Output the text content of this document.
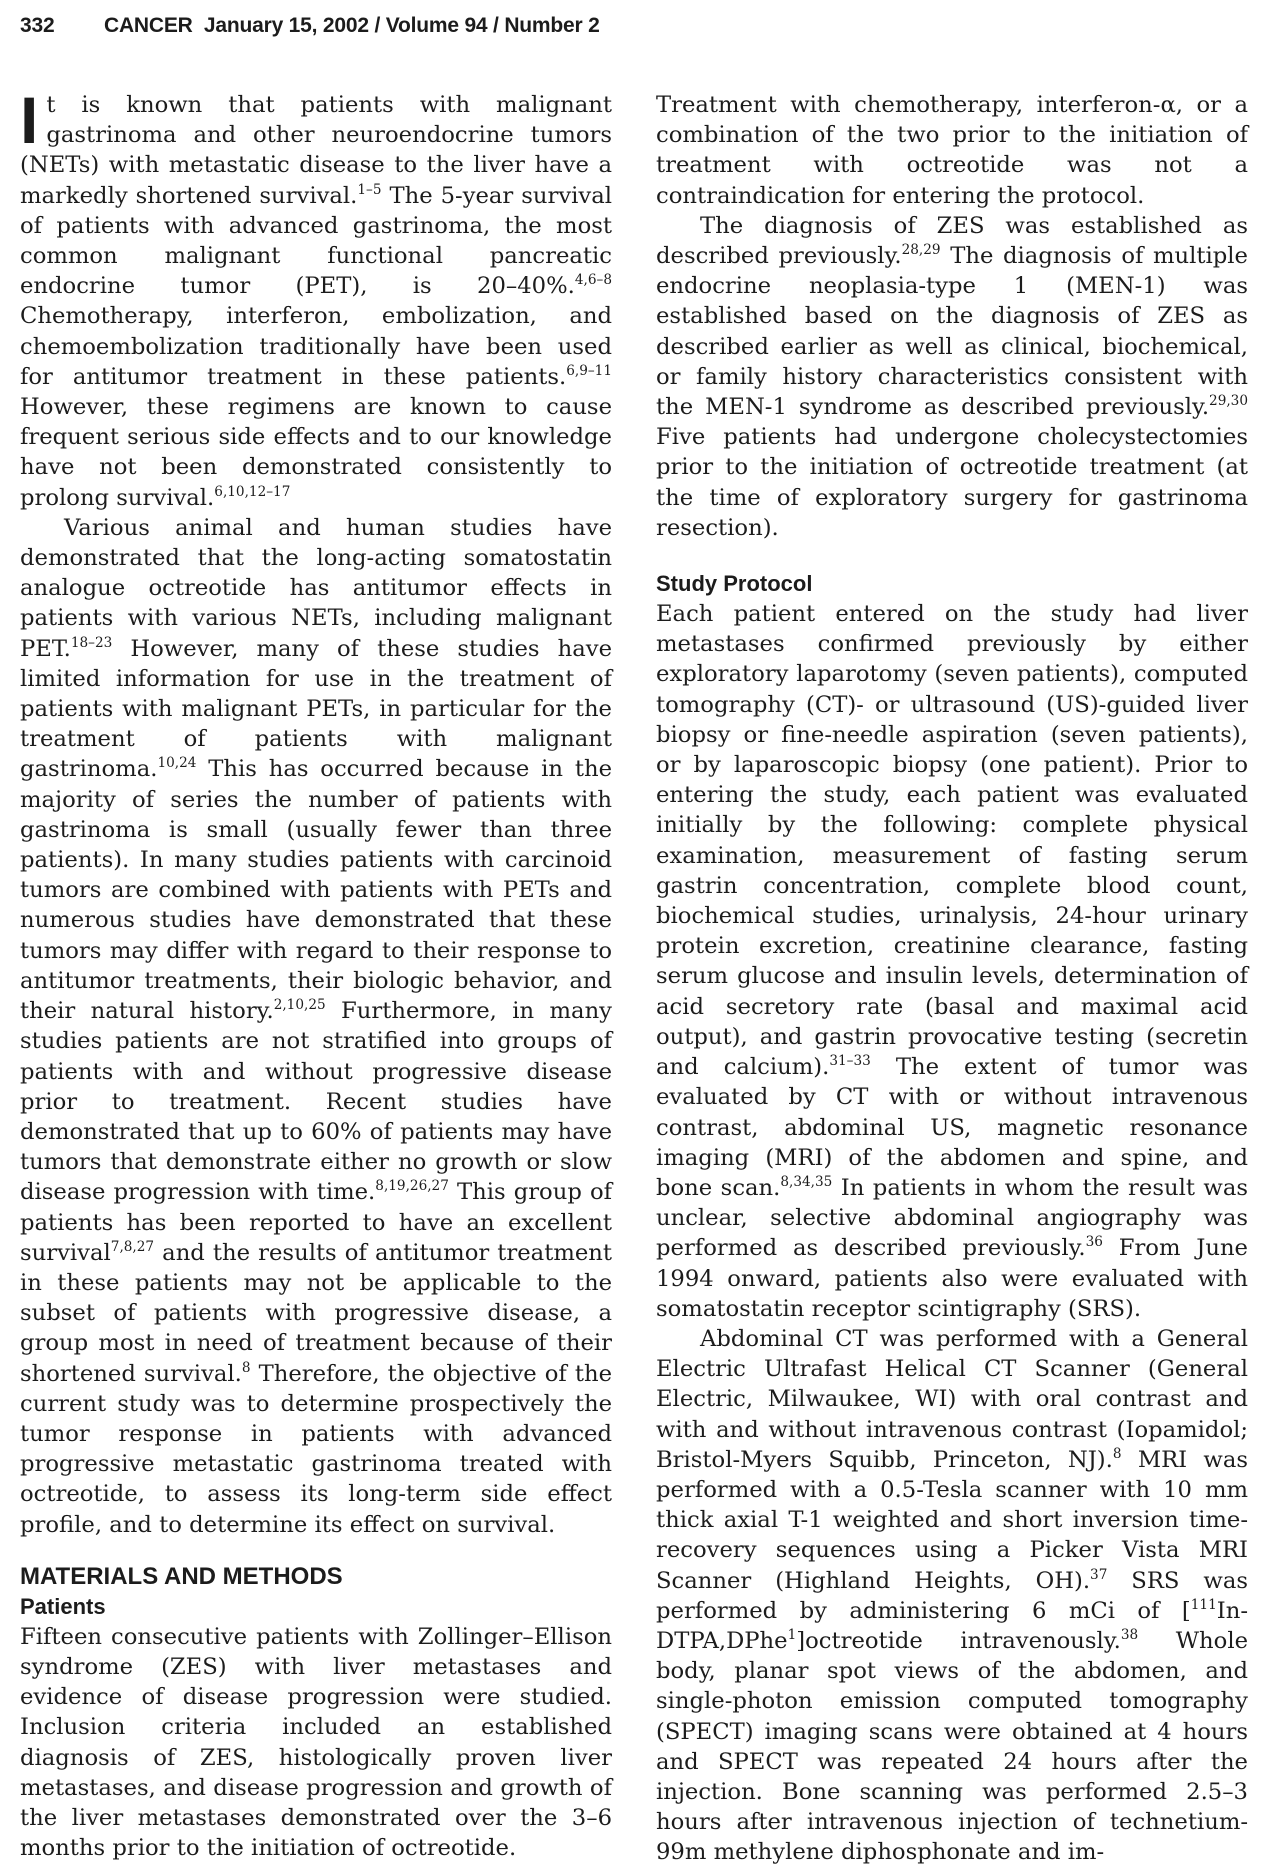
332 CANCER  January 15, 2002 / Volume 94 / Number 2

It is known that patients with malignant gastrinoma and other neuroendocrine tumors (NETs) with metastatic disease to the liver have a markedly shortened survival.$^{1-5}$ The 5-year survival of patients with advanced gastrinoma, the most common malignant functional pancreatic endocrine tumor (PET), is 20–40%.$^{4,6-8}$ Chemotherapy, interferon, embolization, and chemoembolization traditionally have been used for antitumor treatment in these patients.$^{6,9-11}$ However, these regimens are known to cause frequent serious side effects and to our knowledge have not been demonstrated consistently to prolong survival.$^{6,10,12-17}$

Various animal and human studies have demonstrated that the long-acting somatostatin analogue octreotide has antitumor effects in patients with various NETs, including malignant PET.$^{18-23}$ However, many of these studies have limited information for use in the treatment of patients with malignant PETs, in particular for the treatment of patients with malignant gastrinoma.$^{10,24}$ This has occurred because in the majority of series the number of patients with gastrinoma is small (usually fewer than three patients). In many studies patients with carcinoid tumors are combined with patients with PETs and numerous studies have demonstrated that these tumors may differ with regard to their response to antitumor treatments, their biologic behavior, and their natural history.$^{2,10,25}$ Furthermore, in many studies patients are not stratified into groups of patients with and without progressive disease prior to treatment. Recent studies have demonstrated that up to 60% of patients may have tumors that demonstrate either no growth or slow disease progression with time.$^{8,19,26,27}$ This group of patients has been reported to have an excellent survival$^{7,8,27}$ and the results of antitumor treatment in these patients may not be applicable to the subset of patients with progressive disease, a group most in need of treatment because of their shortened survival.$^8$ Therefore, the objective of the current study was to determine prospectively the tumor response in patients with advanced progressive metastatic gastrinoma treated with octreotide, to assess its long-term side effect profile, and to determine its effect on survival.

MATERIALS AND METHODS
Patients

Fifteen consecutive patients with Zollinger–Ellison syndrome (ZES) with liver metastases and evidence of disease progression were studied. Inclusion criteria included an established diagnosis of ZES, histologically proven liver metastases, and disease progression and growth of the liver metastases demonstrated over the 3–6 months prior to the initiation of octreotide.

Treatment with chemotherapy, interferon-α, or a combination of the two prior to the initiation of treatment with octreotide was not a contraindication for entering the protocol.

The diagnosis of ZES was established as described previously.$^{28,29}$ The diagnosis of multiple endocrine neoplasia-type 1 (MEN-1) was established based on the diagnosis of ZES as described earlier as well as clinical, biochemical, or family history characteristics consistent with the MEN-1 syndrome as described previously.$^{29,30}$ Five patients had undergone cholecystectomies prior to the initiation of octreotide treatment (at the time of exploratory surgery for gastrinoma resection).

Study Protocol

Each patient entered on the study had liver metastases confirmed previously by either exploratory laparotomy (seven patients), computed tomography (CT)- or ultrasound (US)-guided liver biopsy or fine-needle aspiration (seven patients), or by laparoscopic biopsy (one patient). Prior to entering the study, each patient was evaluated initially by the following: complete physical examination, measurement of fasting serum gastrin concentration, complete blood count, biochemical studies, urinalysis, 24-hour urinary protein excretion, creatinine clearance, fasting serum glucose and insulin levels, determination of acid secretory rate (basal and maximal acid output), and gastrin provocative testing (secretin and calcium).$^{31-33}$ The extent of tumor was evaluated by CT with or without intravenous contrast, abdominal US, magnetic resonance imaging (MRI) of the abdomen and spine, and bone scan.$^{8,34,35}$ In patients in whom the result was unclear, selective abdominal angiography was performed as described previously.$^{36}$ From June 1994 onward, patients also were evaluated with somatostatin receptor scintigraphy (SRS).

Abdominal CT was performed with a General Electric Ultrafast Helical CT Scanner (General Electric, Milwaukee, WI) with oral contrast and with and without intravenous contrast (Iopamidol; Bristol-Myers Squibb, Princeton, NJ).$^8$ MRI was performed with a 0.5-Tesla scanner with 10 mm thick axial T-1 weighted and short inversion time-recovery sequences using a Picker Vista MRI Scanner (Highland Heights, OH).$^{37}$ SRS was performed by administering 6 mCi of [$^{111}$In-DTPA,DPhe$^1$]octreotide intravenously.$^{38}$ Whole body, planar spot views of the abdomen, and single-photon emission computed tomography (SPECT) imaging scans were obtained at 4 hours and SPECT was repeated 24 hours after the injection. Bone scanning was performed 2.5–3 hours after intravenous injection of technetium-99m methylene diphosphonate and im-
